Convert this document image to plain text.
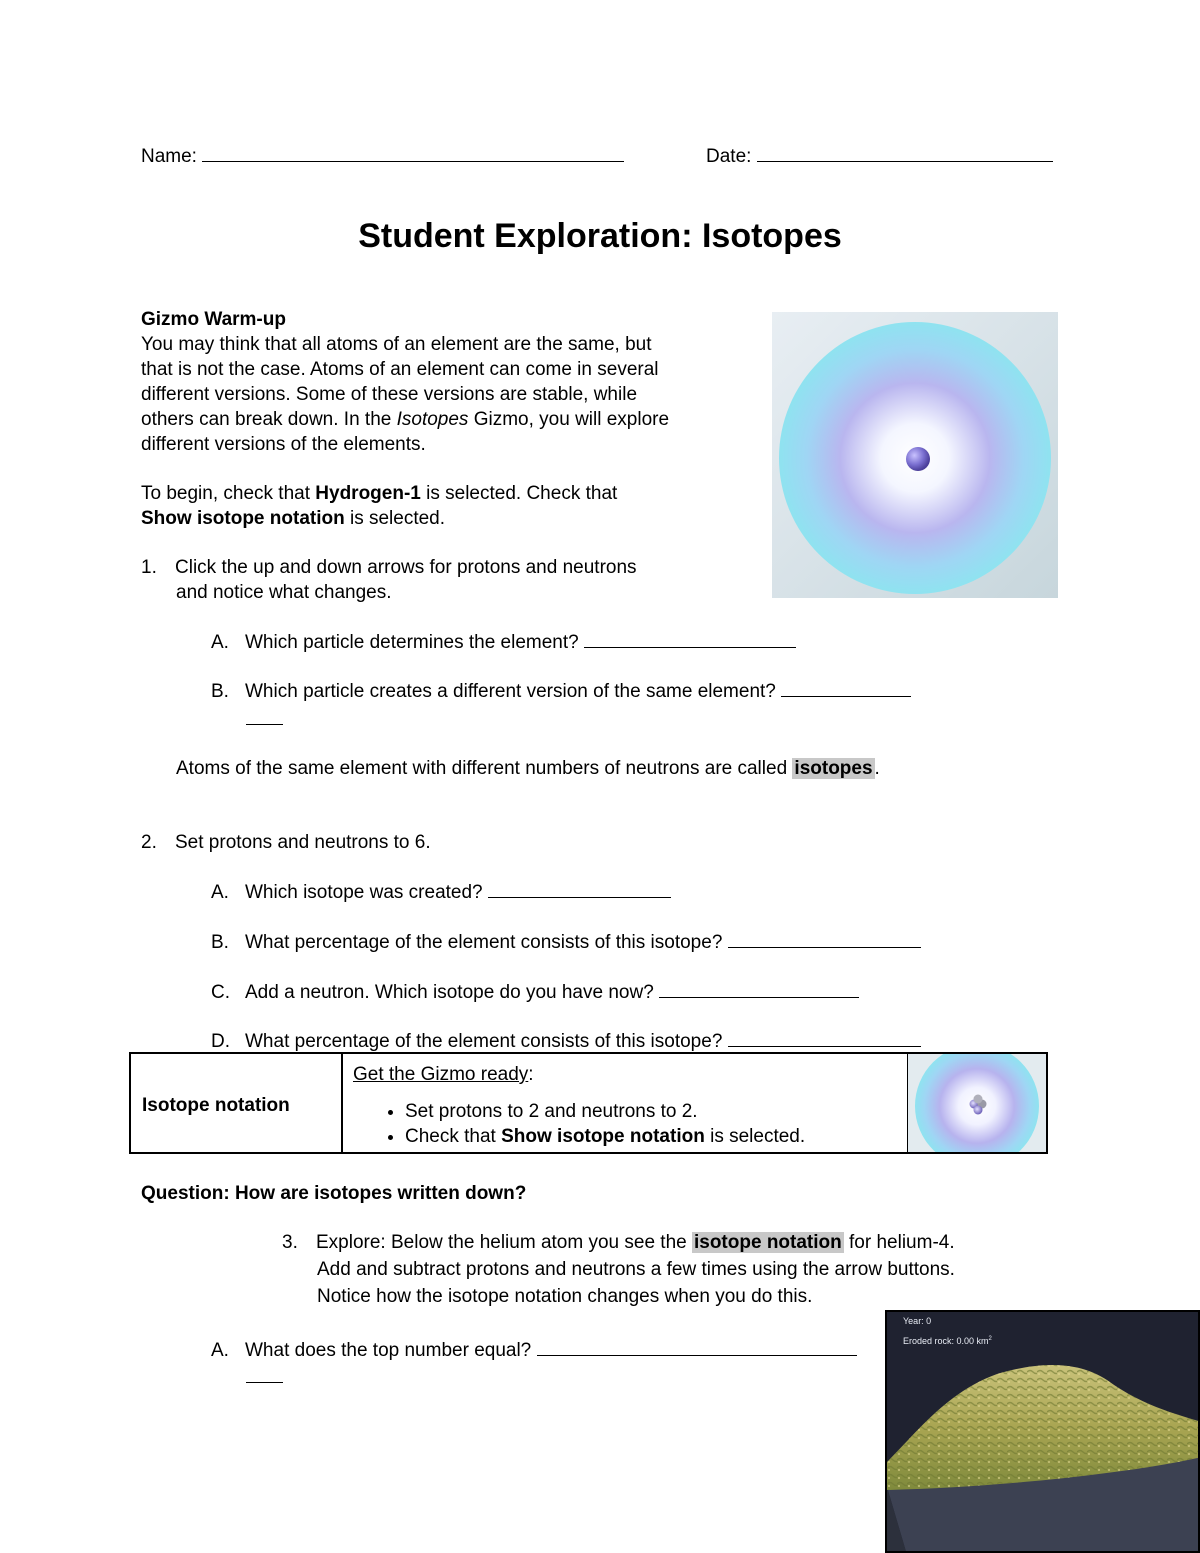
Name:	Date:
Student Exploration: Isotopes
Gizmo Warm-up
You may think that all atoms of an element are the same, but
that is not the case. Atoms of an element can come in several
different versions. Some of these versions are stable, while
others can break down. In the Isotopes Gizmo, you will explore
different versions of the elements.
To begin, check that Hydrogen-1 is selected. Check that
Show isotope notation is selected.
1. Click the up and down arrows for protons and neutrons
and notice what changes.
A. Which particle determines the element?
B. Which particle creates a different version of the same element?
Atoms of the same element with different numbers of neutrons are called isotopes .
2. Set protons and neutrons to 6.
A. Which isotope was created?
B. What percentage of the element consists of this isotope?
C. Add a neutron. Which isotope do you have now?
D. What percentage of the element consists of this isotope?
Isotope notation
Get the Gizmo ready:
• Set protons to 2 and neutrons to 2.
• Check that Show isotope notation is selected.
Question: How are isotopes written down?
3. Explore: Below the helium atom you see the isotope notation for helium-4.
Add and subtract protons and neutrons a few times using the arrow buttons.
Notice how the isotope notation changes when you do this.
A. What does the top number equal?
Year: 0
Eroded rock: 0.00 $km^2$
